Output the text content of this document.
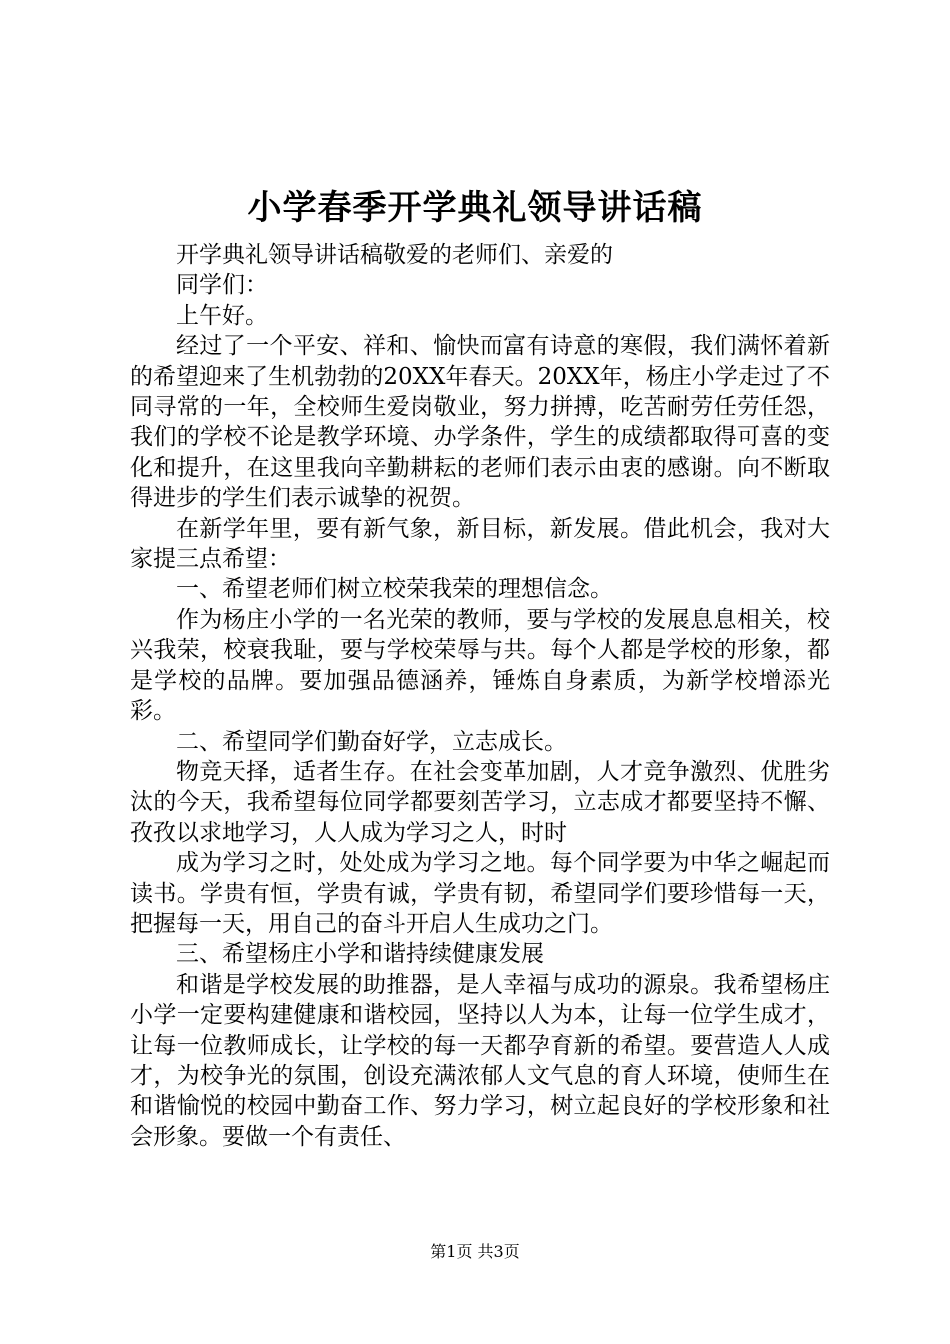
小学春季开学典礼领导讲话稿

开学典礼领导讲话稿敬爱的老师们、亲爱的

同学们：

上午好。

经过了一个平安、祥和、愉快而富有诗意的寒假，我们满怀着新的希望迎来了生机勃勃的20XX年春天。20XX年，杨庄小学走过了不同寻常的一年，全校师生爱岗敬业，努力拼搏，吃苦耐劳任劳任怨，我们的学校不论是教学环境、办学条件，学生的成绩都取得可喜的变化和提升，在这里我向辛勤耕耘的老师们表示由衷的感谢。向不断取得进步的学生们表示诚挚的祝贺。

在新学年里，要有新气象，新目标，新发展。借此机会，我对大家提三点希望：

一、希望老师们树立校荣我荣的理想信念。

作为杨庄小学的一名光荣的教师，要与学校的发展息息相关，校兴我荣，校衰我耻，要与学校荣辱与共。每个人都是学校的形象，都是学校的品牌。要加强品德涵养，锤炼自身素质，为新学校增添光彩。

二、希望同学们勤奋好学，立志成长。

物竞天择，适者生存。在社会变革加剧，人才竞争激烈、优胜劣汰的今天，我希望每位同学都要刻苦学习，立志成才都要坚持不懈、孜孜以求地学习，人人成为学习之人，时时

成为学习之时，处处成为学习之地。每个同学要为中华之崛起而读书。学贵有恒，学贵有诚，学贵有韧，希望同学们要珍惜每一天，把握每一天，用自己的奋斗开启人生成功之门。

三、希望杨庄小学和谐持续健康发展

和谐是学校发展的助推器，是人幸福与成功的源泉。我希望杨庄小学一定要构建健康和谐校园，坚持以人为本，让每一位学生成才，让每一位教师成长，让学校的每一天都孕育新的希望。要营造人人成才，为校争光的氛围，创设充满浓郁人文气息的育人环境，使师生在和谐愉悦的校园中勤奋工作、努力学习，树立起良好的学校形象和社会形象。要做一个有责任、

第1页 共3页
